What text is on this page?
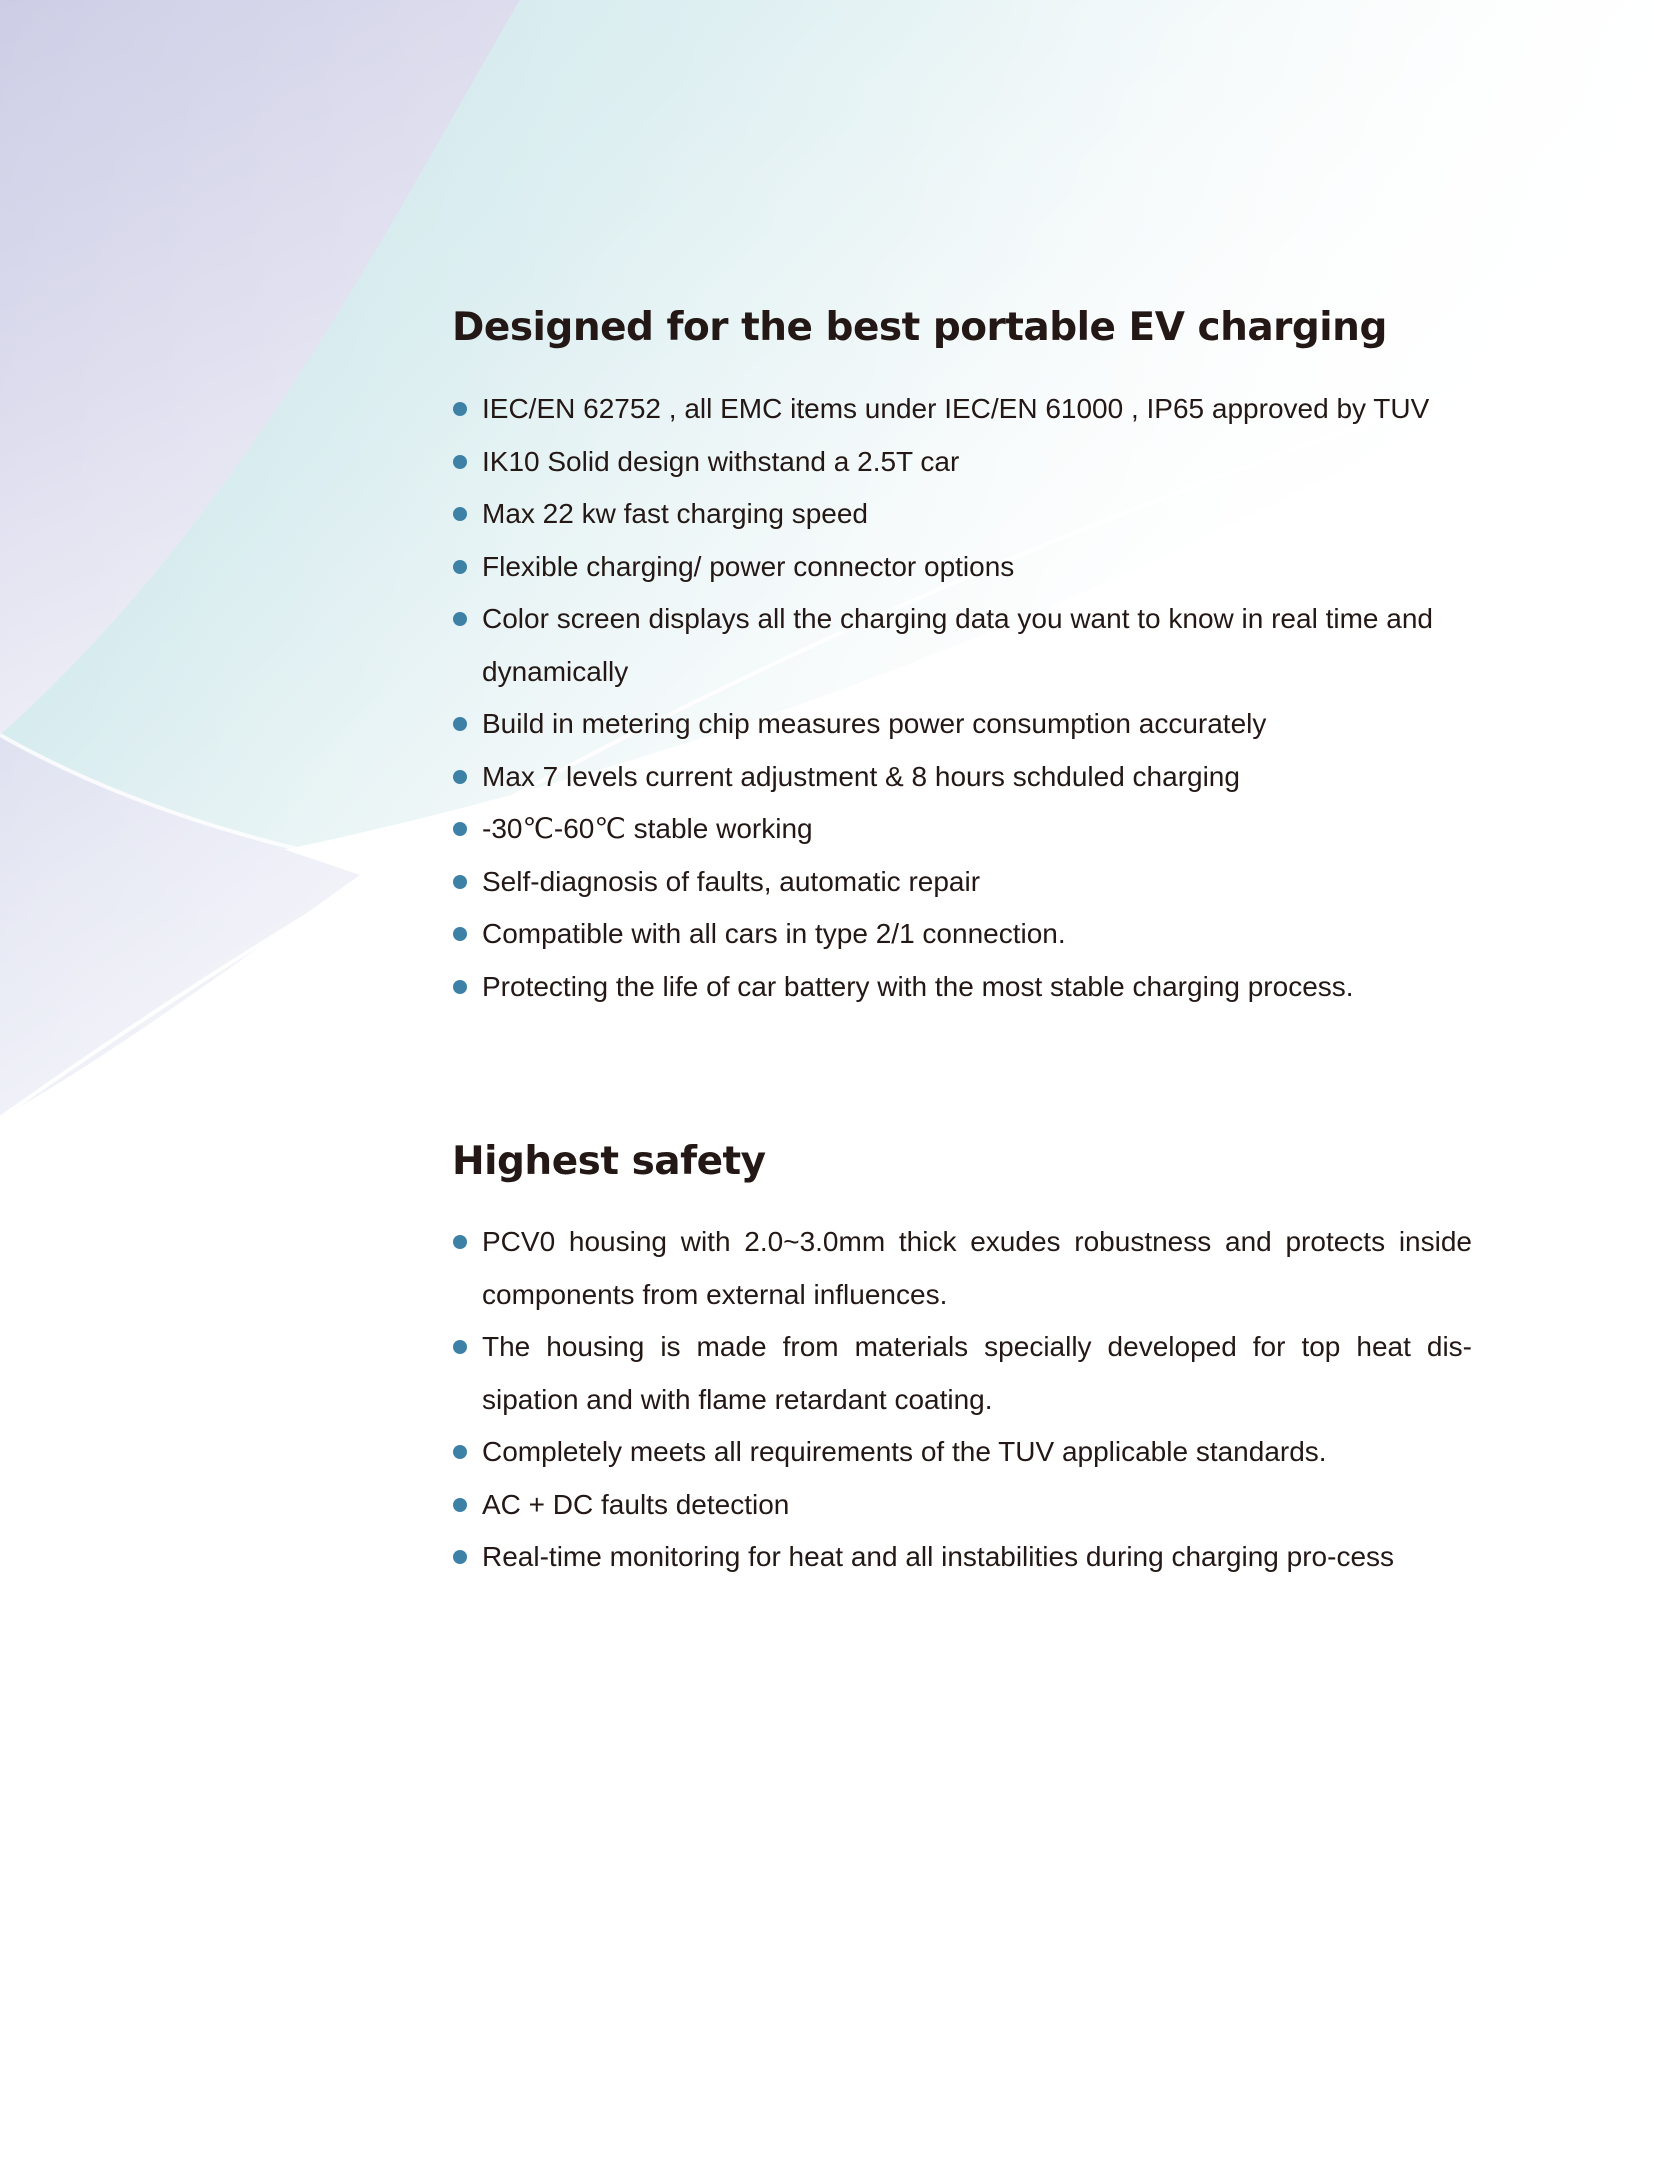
Designed for the best portable EV charging
IEC/EN 62752 , all EMC items under IEC/EN 61000 , IP65 approved by TUV
IK10 Solid design withstand a 2.5T car
Max 22 kw fast charging speed
Flexible charging/ power connector options
Color screen displays all the charging data you want to know in real time and dynamically
Build in metering chip measures power consumption accurately
Max 7 levels current adjustment & 8 hours schduled charging
-30℃-60℃ stable working
Self-diagnosis of faults, automatic repair
Compatible with all cars in type 2/1 connection.
Protecting the life of car battery with the most stable charging process.
Highest safety
PCV0 housing with 2.0~3.0mm thick exudes robustness and protects inside components from external influences.
The housing is made from materials specially developed for top heat dis-sipation and with flame retardant coating.
Completely meets all requirements of the TUV applicable standards.
AC + DC faults detection
Real-time monitoring for heat and all instabilities during charging pro-cess
